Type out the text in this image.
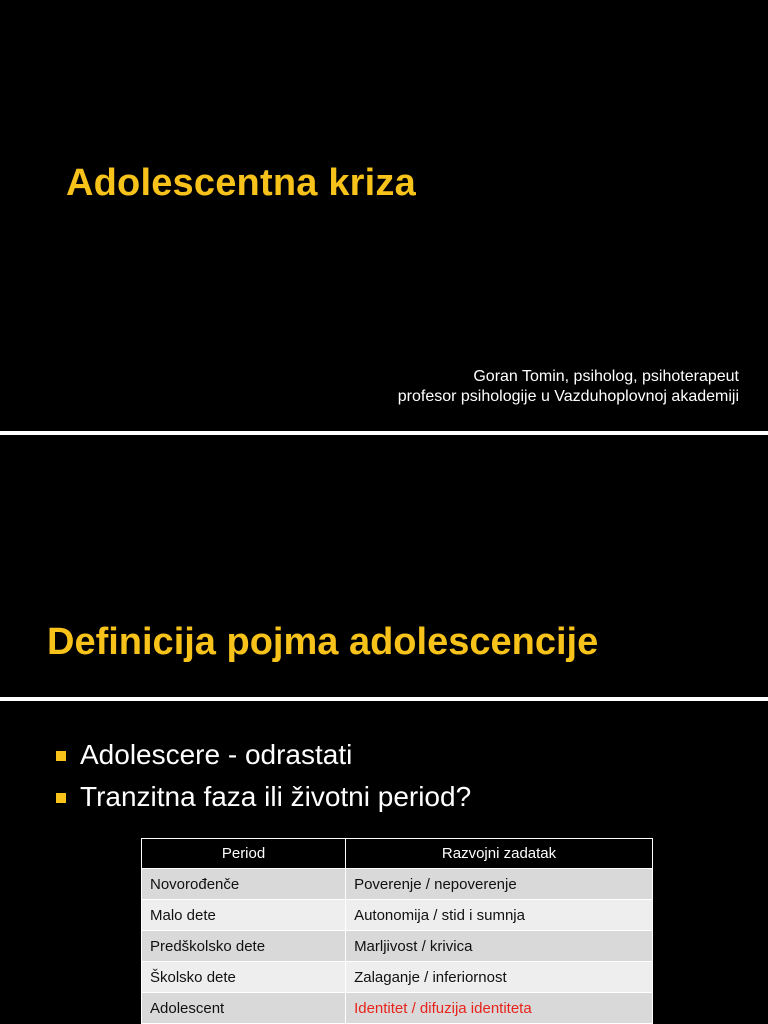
Adolescentna kriza
Goran Tomin, psiholog, psihoterapeut
profesor psihologije u Vazduhoplovnoj akademiji
Definicija pojma adolescencije
Adolescere - odrastati
Tranzitna faza ili životni period?
Period	Razvojni zadatak
Novorođenče	Poverenje / nepoverenje
Malo dete	Autonomija / stid i sumnja
Predškolsko dete	Marljivost / krivica
Školsko dete	Zalaganje / inferiornost
Adolescent	Identitet / difuzija identiteta
